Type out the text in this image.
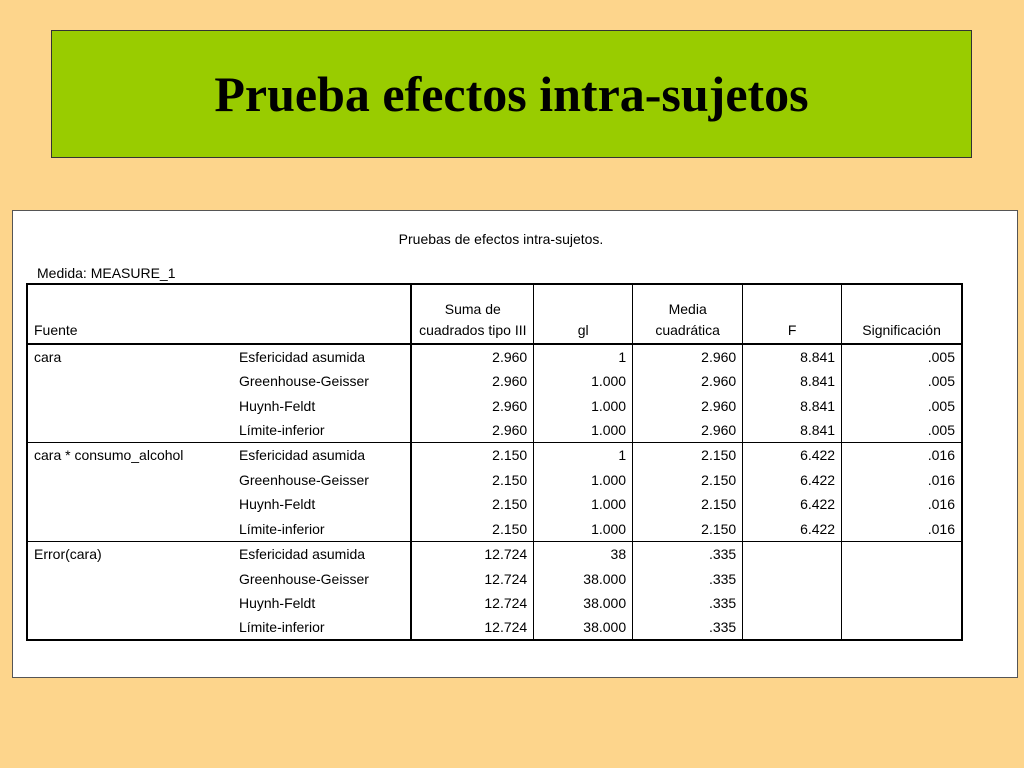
Prueba efectos intra-sujetos
Pruebas de efectos intra-sujetos.
Medida: MEASURE_1
Fuente		Suma de cuadrados tipo III	gl	Media cuadrática	F	Significación
cara	Esfericidad asumida	2.960	1	2.960	8.841	.005
	Greenhouse-Geisser	2.960	1.000	2.960	8.841	.005
	Huynh-Feldt	2.960	1.000	2.960	8.841	.005
	Límite-inferior	2.960	1.000	2.960	8.841	.005
cara * consumo_alcohol	Esfericidad asumida	2.150	1	2.150	6.422	.016
	Greenhouse-Geisser	2.150	1.000	2.150	6.422	.016
	Huynh-Feldt	2.150	1.000	2.150	6.422	.016
	Límite-inferior	2.150	1.000	2.150	6.422	.016
Error(cara)	Esfericidad asumida	12.724	38	.335		
	Greenhouse-Geisser	12.724	38.000	.335		
	Huynh-Feldt	12.724	38.000	.335		
	Límite-inferior	12.724	38.000	.335		
